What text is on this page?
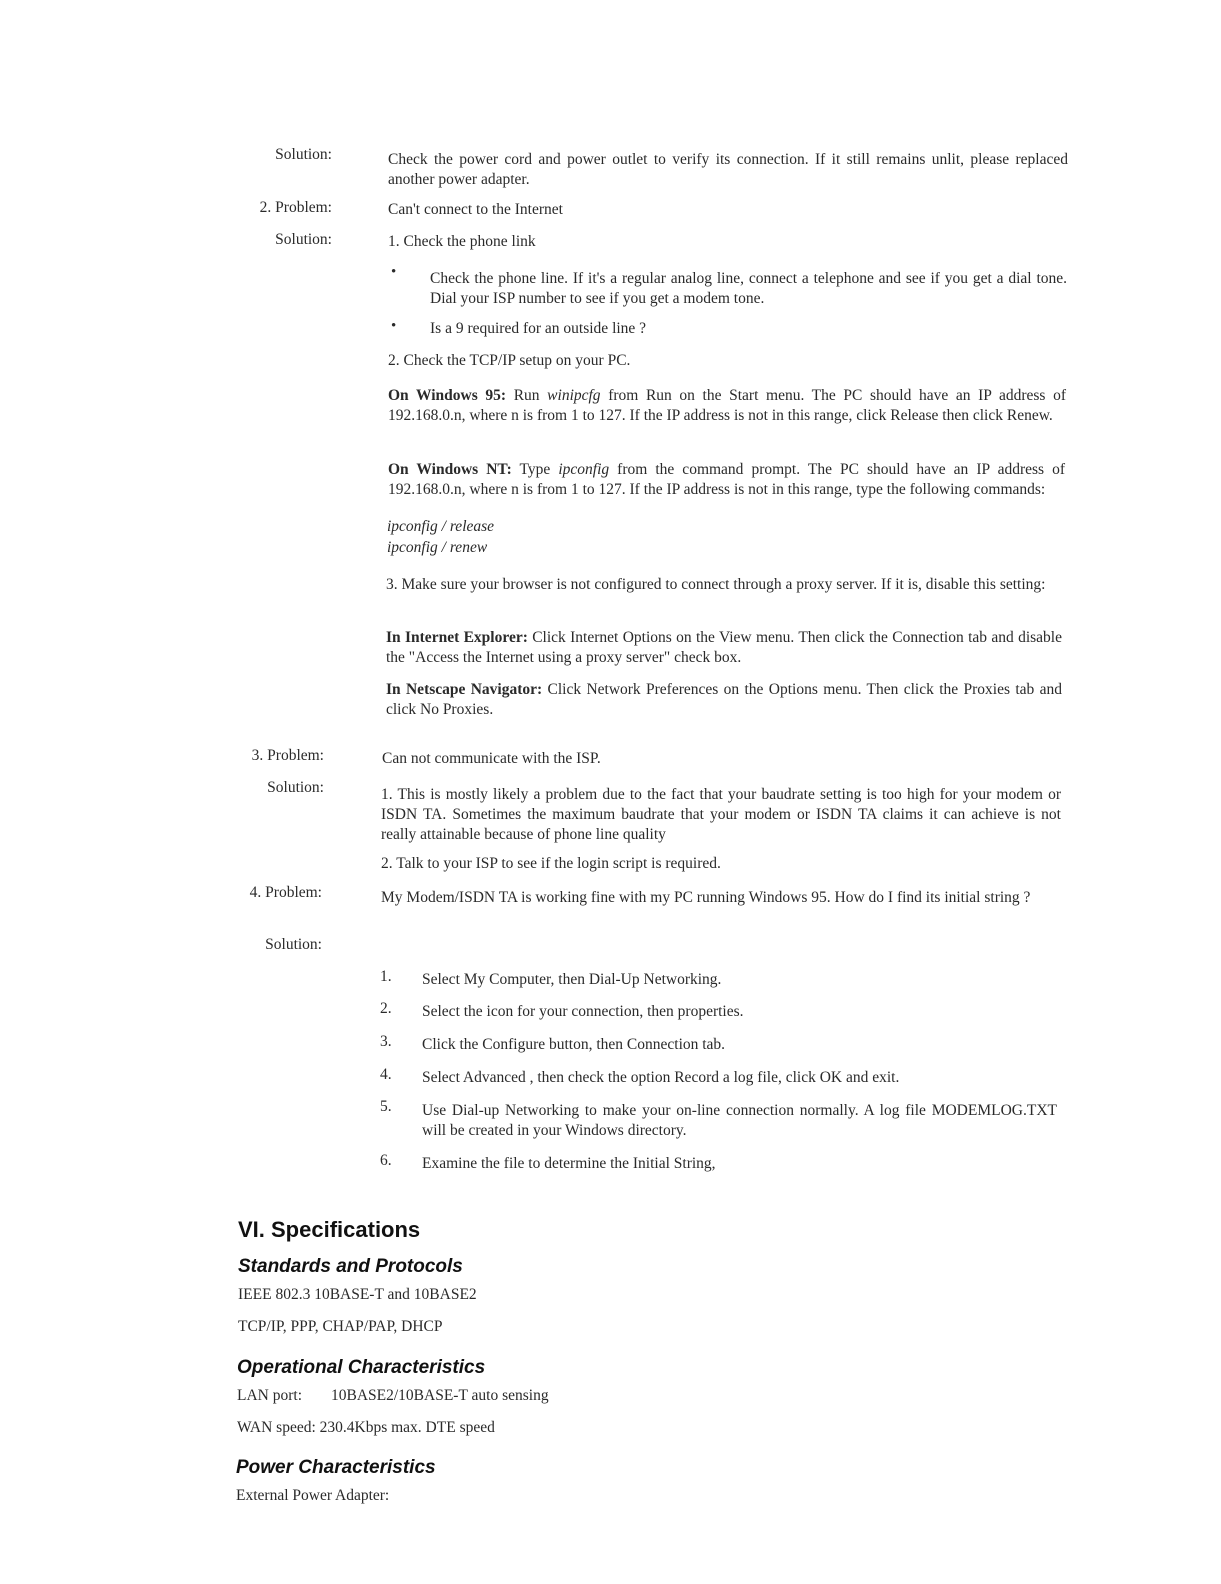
Solution:	Check the power cord and power outlet to verify its connection. If it still remains unlit, please replaced another power adapter.
2. Problem:	Can't connect to the Internet
Solution:	1. Check the phone link
• Check the phone line. If it's a regular analog line, connect a telephone and see if you get a dial tone. Dial your ISP number to see if you get a modem tone.
• Is a 9 required for an outside line ?
2. Check the TCP/IP setup on your PC.
On Windows 95: Run winipcfg from Run on the Start menu. The PC should have an IP address of 192.168.0.n, where n is from 1 to 127. If the IP address is not in this range, click Release then click Renew.
On Windows NT: Type ipconfig from the command prompt. The PC should have an IP address of 192.168.0.n, where n is from 1 to 127. If the IP address is not in this range, type the following commands:
ipconfig / release
ipconfig / renew
3. Make sure your browser is not configured to connect through a proxy server. If it is, disable this setting:
In Internet Explorer: Click Internet Options on the View menu. Then click the Connection tab and disable the "Access the Internet using a proxy server" check box.
In Netscape Navigator: Click Network Preferences on the Options menu. Then click the Proxies tab and click No Proxies.
3. Problem:	Can not communicate with the ISP.
Solution:	1. This is mostly likely a problem due to the fact that your baudrate setting is too high for your modem or ISDN TA. Sometimes the maximum baudrate that your modem or ISDN TA claims it can achieve is not really attainable because of phone line quality
2. Talk to your ISP to see if the login script is required.
4. Problem:	My Modem/ISDN TA is working fine with my PC running Windows 95. How do I find its initial string ?
Solution:
1. Select My Computer, then Dial-Up Networking.
2. Select the icon for your connection, then properties.
3. Click the Configure button, then Connection tab.
4. Select Advanced , then check the option Record a log file, click OK and exit.
5. Use Dial-up Networking to make your on-line connection normally. A log file MODEMLOG.TXT will be created in your Windows directory.
6. Examine the file to determine the Initial String,
VI. Specifications
Standards and Protocols
IEEE 802.3 10BASE-T and 10BASE2
TCP/IP, PPP, CHAP/PAP, DHCP
Operational Characteristics
LAN port: 10BASE2/10BASE-T auto sensing
WAN speed: 230.4Kbps max. DTE speed
Power Characteristics
External Power Adapter:
